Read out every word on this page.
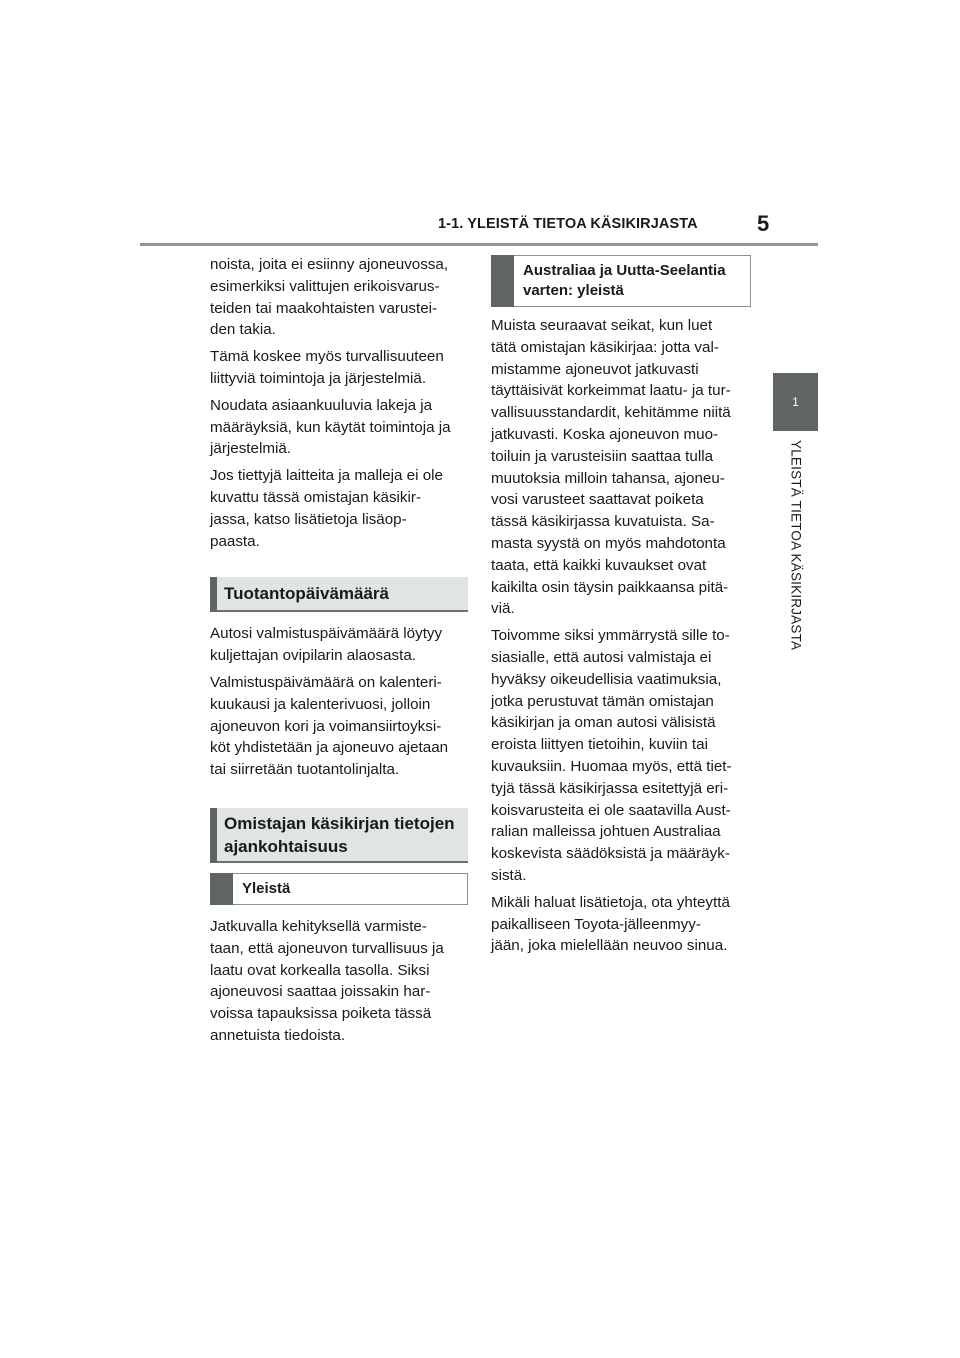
1-1. YLEISTÄ TIETOA KÄSIKIRJASTA	5
1
YLEISTÄ TIETOA KÄSIKIRJASTA

noista, joita ei esiinny ajoneuvossa,
esimerkiksi valittujen erikoisvarus-
teiden tai maakohtaisten varustei-
den takia.

Tämä koskee myös turvallisuuteen
liittyviä toimintoja ja järjestelmiä.

Noudata asiaankuuluvia lakeja ja
määräyksiä, kun käytät toimintoja ja
järjestelmiä.

Jos tiettyjä laitteita ja malleja ei ole
kuvattu tässä omistajan käsikir-
jassa, katso lisätietoja lisäop-
paasta.

Tuotantopäivämäärä

Autosi valmistuspäivämäärä löytyy
kuljettajan ovipilarin alaosasta.

Valmistuspäivämäärä on kalenteri-
kuukausi ja kalenterivuosi, jolloin
ajoneuvon kori ja voimansiirtoyksi-
köt yhdistetään ja ajoneuvo ajetaan
tai siirretään tuotantolinjalta.

Omistajan käsikirjan tietojen ajankohtaisuus
Yleistä

Jatkuvalla kehityksellä varmiste-
taan, että ajoneuvon turvallisuus ja
laatu ovat korkealla tasolla. Siksi
ajoneuvosi saattaa joissakin har-
voissa tapauksissa poiketa tässä
annetuista tiedoista.

Australiaa ja Uutta-Seelantia
varten: yleistä

Muista seuraavat seikat, kun luet
tätä omistajan käsikirjaa: jotta val-
mistamme ajoneuvot jatkuvasti
täyttäisivät korkeimmat laatu- ja tur-
vallisuusstandardit, kehitämme niitä
jatkuvasti. Koska ajoneuvon muo-
toiluin ja varusteisiin saattaa tulla
muutoksia milloin tahansa, ajoneu-
vosi varusteet saattavat poiketa
tässä käsikirjassa kuvatuista. Sa-
masta syystä on myös mahdotonta
taata, että kaikki kuvaukset ovat
kaikilta osin täysin paikkaansa pitä-
viä.

Toivomme siksi ymmärrystä sille to-
siasialle, että autosi valmistaja ei
hyväksy oikeudellisia vaatimuksia,
jotka perustuvat tämän omistajan
käsikirjan ja oman autosi välisistä
eroista liittyen tietoihin, kuviin tai
kuvauksiin. Huomaa myös, että tiet-
tyjä tässä käsikirjassa esitettyjä eri-
koisvarusteita ei ole saatavilla Aust-
ralian malleissa johtuen Australiaa
koskevista säädöksistä ja määräyk-
sistä.

Mikäli haluat lisätietoja, ota yhteyttä
paikalliseen Toyota-jälleenmyy-
jään, joka mielellään neuvoo sinua.
